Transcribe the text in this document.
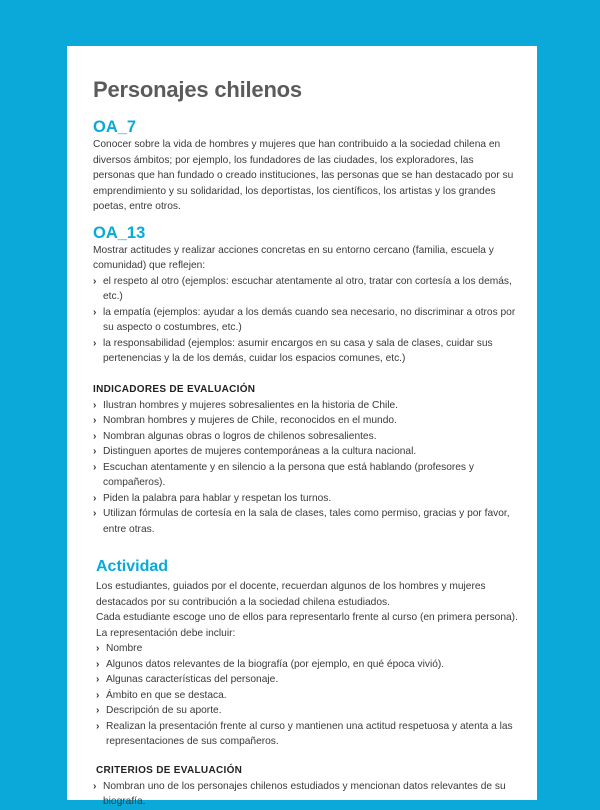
Personajes chilenos
OA_7

Conocer sobre la vida de hombres y mujeres que han contribuido a la sociedad chilena en diversos ámbitos; por ejemplo, los fundadores de las ciudades, los exploradores, las personas que han fundado o creado instituciones, las personas que se han destacado por su emprendimiento y su solidaridad, los deportistas, los científicos, los artistas y los grandes poetas, entre otros.

OA_13

Mostrar actitudes y realizar acciones concretas en su entorno cercano (familia, escuela y comunidad) que reflejen:

› el respeto al otro (ejemplos: escuchar atentamente al otro, tratar con cortesía a los demás, etc.)
› la empatía (ejemplos: ayudar a los demás cuando sea necesario, no discriminar a otros por su aspecto o costumbres, etc.)
› la responsabilidad (ejemplos: asumir encargos en su casa y sala de clases, cuidar sus pertenencias y la de los demás, cuidar los espacios comunes, etc.)
INDICADORES DE EVALUACIÓN
› Ilustran hombres y mujeres sobresalientes en la historia de Chile.
› Nombran hombres y mujeres de Chile, reconocidos en el mundo.
› Nombran algunas obras o logros de chilenos sobresalientes.
› Distinguen aportes de mujeres contemporáneas a la cultura nacional.
› Escuchan atentamente y en silencio a la persona que está hablando (profesores y compañeros).
› Piden la palabra para hablar y respetan los turnos.
› Utilizan fórmulas de cortesía en la sala de clases, tales como permiso, gracias y por favor, entre otras.
Actividad

Los estudiantes, guiados por el docente, recuerdan algunos de los hombres y mujeres destacados por su contribución a la sociedad chilena estudiados.

Cada estudiante escoge uno de ellos para representarlo frente al curso (en primera persona).

La representación debe incluir:

› Nombre
› Algunos datos relevantes de la biografía (por ejemplo, en qué época vivió).
› Algunas características del personaje.
› Ámbito en que se destaca.
› Descripción de su aporte.
› Realizan la presentación frente al curso y mantienen una actitud respetuosa y atenta a las representaciones de sus compañeros.
CRITERIOS DE EVALUACIÓN
› Nombran uno de los personajes chilenos estudiados y mencionan datos relevantes de su biografía.
